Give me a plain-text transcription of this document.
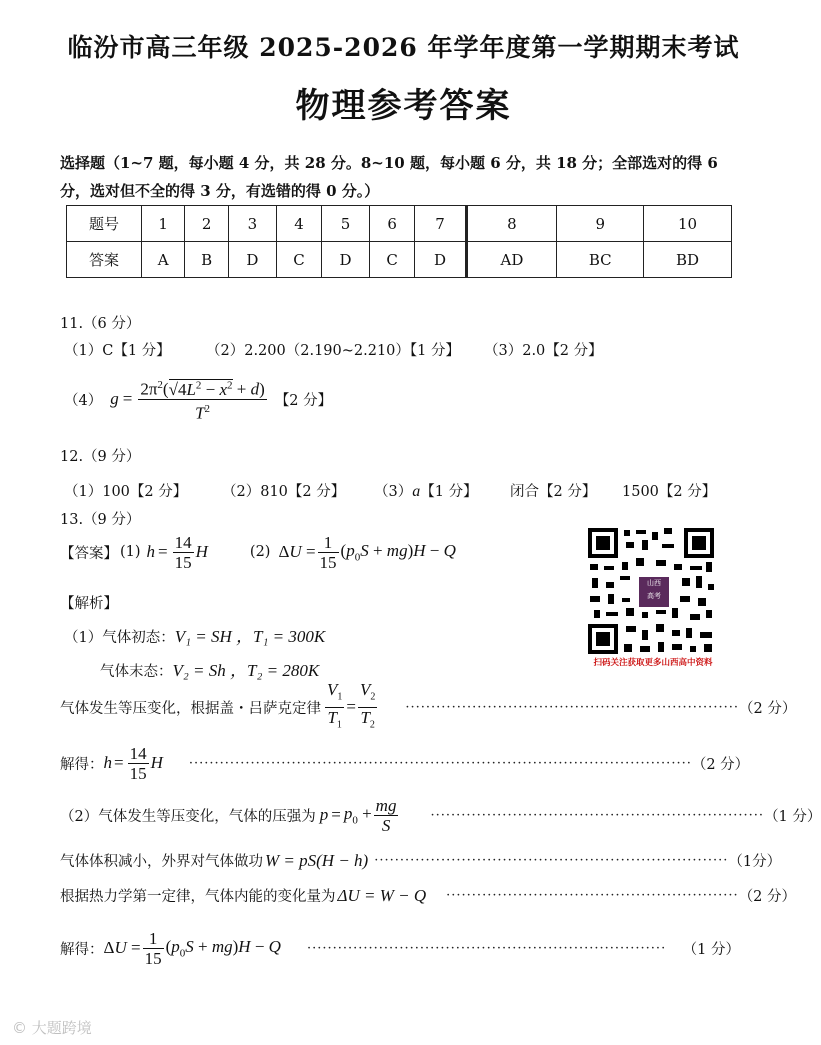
临汾市高三年级 2025-2026 年学年度第一学期期末考试
物理参考答案
选择题（1~7 题，每小题 4 分，共 28 分。8~10 题，每小题 6 分，共 18 分；全部选对的得 6
分，选对但不全的得 3 分，有选错的得 0 分。）
题号	1	2	3	4	5	6	7	8	9	10
答案	A	B	D	C	D	C	D	AD	BC	BD
11.（6 分）
（1）C【1 分】 （2）2.200（2.190~2.210）【1 分】 （3）2.0【2 分】
（4） $g = \frac{2\pi^2(√4L^2 - x^2 + d)}{T^2}$ 【2 分】
12.（9 分）
（1）100【2 分】 （2）810【2 分】 （3）a【1 分】 闭合【2 分】 1500【2 分】
13.（9 分）
【答案】 (1) $h = \frac{14}{15}$ H	(2) $\Delta U = \frac{1}{15} (p_0S + mg)H - Q$
【解析】
（1）气体初态：V₁ = SH ，T₁ = 300K
气体末态：V₂ = Sh ，T₂ = 280K
气体发生等压变化，根据盖・吕萨克定律 $\frac{V_1}{T_1} = \frac{V_2}{T_2}$ ································································· （2 分）
解得： $h = \frac{14}{15}$ H ·································································································· （2 分）
（2）气体发生等压变化，气体的压强为 $p = p_0 + \frac{mg}{S}$ ································································· （1 分）
气体体积减小，外界对气体做功 W = pS(H − h) ····································································· （1分）
根据热力学第一定律，气体内能的变化量为 ΔU = W − Q ························································· （2 分）
解得： $\Delta U = \frac{1}{15} (p_0S + mg)H - Q$ ······································································	（1 分）
山西
高考
扫码关注获取更多山西高中资料
© 大题跨境
